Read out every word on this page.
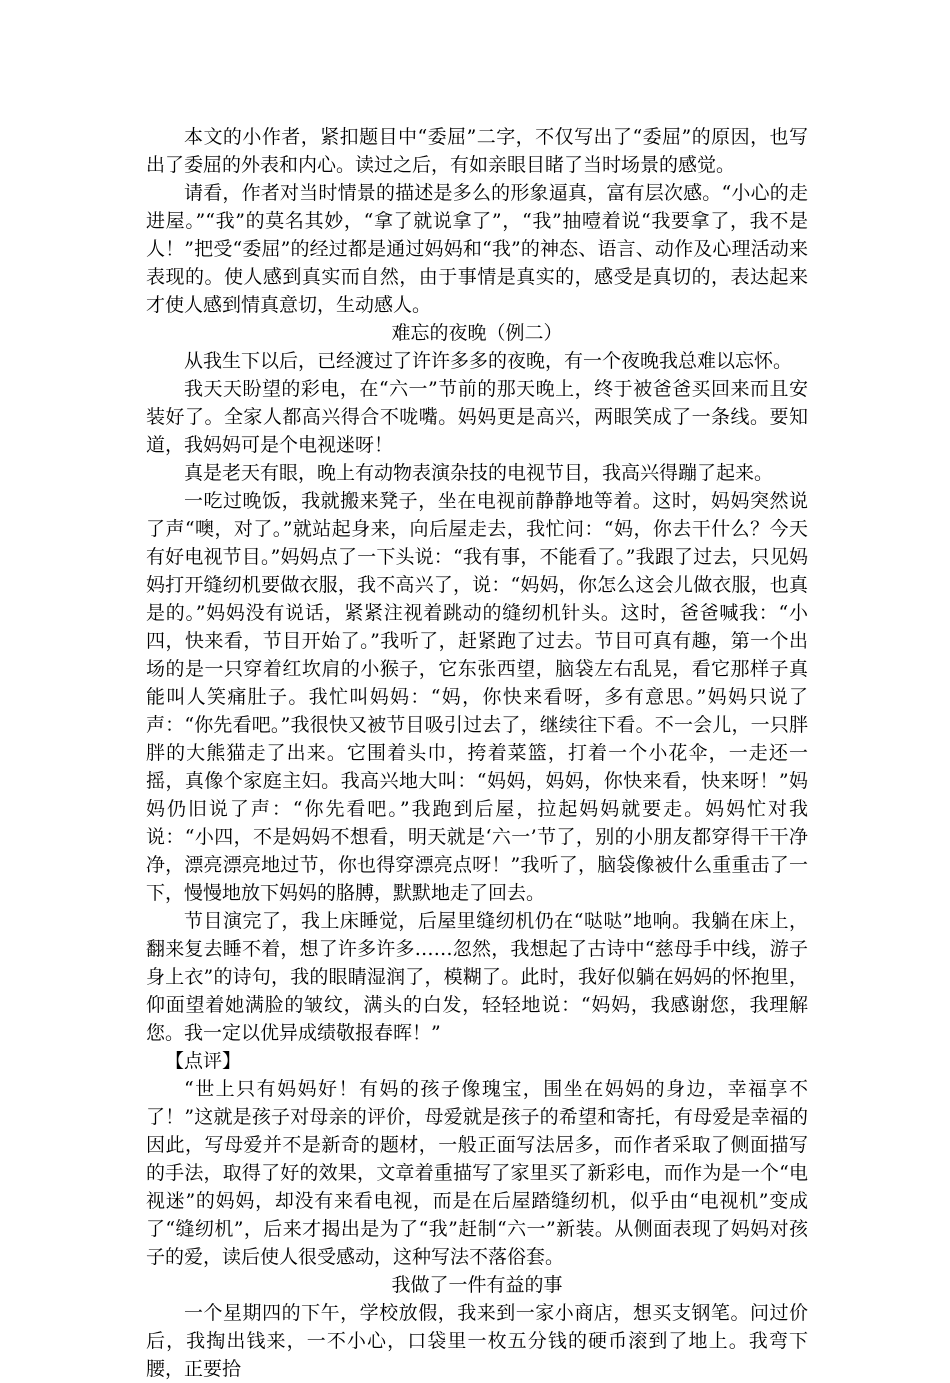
本文的小作者，紧扣题目中“委屈”二字，不仅写出了“委屈”的原因，也写出了委屈的外表和内心。读过之后，有如亲眼目睹了当时场景的感觉。

请看，作者对当时情景的描述是多么的形象逼真，富有层次感。“小心的走进屋。”“我”的莫名其妙，“拿了就说拿了”，“我”抽噎着说“我要拿了，我不是人！”把受“委屈”的经过都是通过妈妈和“我”的神态、语言、动作及心理活动来表现的。使人感到真实而自然，由于事情是真实的，感受是真切的，表达起来才使人感到情真意切，生动感人。

难忘的夜晚（例二）

从我生下以后，已经渡过了许许多多的夜晚，有一个夜晚我总难以忘怀。

我天天盼望的彩电，在“六一”节前的那天晚上，终于被爸爸买回来而且安装好了。全家人都高兴得合不咙嘴。妈妈更是高兴，两眼笑成了一条线。要知道，我妈妈可是个电视迷呀！

真是老天有眼，晚上有动物表演杂技的电视节目，我高兴得蹦了起来。

一吃过晚饭，我就搬来凳子，坐在电视前静静地等着。这时，妈妈突然说了声“噢，对了。”就站起身来，向后屋走去，我忙问：“妈，你去干什么？今天有好电视节目。”妈妈点了一下头说：“我有事，不能看了。”我跟了过去，只见妈妈打开缝纫机要做衣服，我不高兴了，说：“妈妈，你怎么这会儿做衣服，也真是的。”妈妈没有说话，紧紧注视着跳动的缝纫机针头。这时，爸爸喊我：“小四，快来看，节目开始了。”我听了，赶紧跑了过去。节目可真有趣，第一个出场的是一只穿着红坎肩的小猴子，它东张西望，脑袋左右乱晃，看它那样子真能叫人笑痛肚子。我忙叫妈妈：“妈，你快来看呀，多有意思。”妈妈只说了声：“你先看吧。”我很快又被节目吸引过去了，继续往下看。不一会儿，一只胖胖的大熊猫走了出来。它围着头巾，挎着菜篮，打着一个小花伞，一走还一摇，真像个家庭主妇。我高兴地大叫：“妈妈，妈妈，你快来看，快来呀！”妈妈仍旧说了声：“你先看吧。”我跑到后屋，拉起妈妈就要走。妈妈忙对我说：“小四，不是妈妈不想看，明天就是‘六一’节了，别的小朋友都穿得干干净净，漂亮漂亮地过节，你也得穿漂亮点呀！”我听了，脑袋像被什么重重击了一下，慢慢地放下妈妈的胳膊，默默地走了回去。

节目演完了，我上床睡觉，后屋里缝纫机仍在“哒哒”地响。我躺在床上，翻来复去睡不着，想了许多许多……忽然，我想起了古诗中“慈母手中线，游子身上衣”的诗句，我的眼睛湿润了，模糊了。此时，我好似躺在妈妈的怀抱里，仰面望着她满脸的皱纹，满头的白发，轻轻地说：“妈妈，我感谢您，我理解您。我一定以优异成绩敬报春晖！”

【点评】

“世上只有妈妈好！有妈的孩子像瑰宝，围坐在妈妈的身边，幸福享不了！”这就是孩子对母亲的评价，母爱就是孩子的希望和寄托，有母爱是幸福的因此，写母爱并不是新奇的题材，一般正面写法居多，而作者采取了侧面描写的手法，取得了好的效果，文章着重描写了家里买了新彩电，而作为是一个“电视迷”的妈妈，却没有来看电视，而是在后屋踏缝纫机，似乎由“电视机”变成了“缝纫机”，后来才揭出是为了“我”赶制“六一”新装。从侧面表现了妈妈对孩子的爱，读后使人很受感动，这种写法不落俗套。

我做了一件有益的事

一个星期四的下午，学校放假，我来到一家小商店，想买支钢笔。问过价后，我掏出钱来，一不小心，口袋里一枚五分钱的硬币滚到了地上。我弯下腰，正要拾
